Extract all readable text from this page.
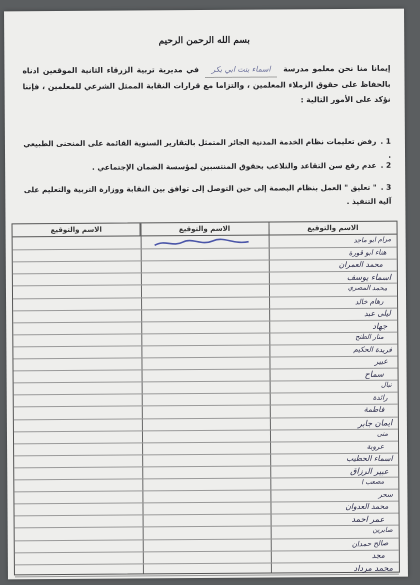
بسم الله الرحمن الرحيم
إيمانا منا نحن معلمو مدرسة اسماء بنت ابي بكر في مديرية تربية الزرقاء الثانية الموقعين ادناه بالحفاظ على حقوق الزملاء المعلمين ، والتزاما مع قرارات النقابة الممثل الشرعي للمعلمين ، فإننا نؤكد على الأمور التالية :
1 .رفض تعليمات نظام الخدمة المدنية الجائر المتمثل بالتقارير السنوية القائمة على المنحنى الطبيعي .
2 .عدم رفع سن التقاعد والتلاعب بحقوق المنتسبين لمؤسسة الضمان الإجتماعي .
3 ." تعليق " العمل بنظام البصمة إلى حين التوصل إلى توافق بين النقابة ووزارة التربية والتعليم على آلية التنفيذ .
الاسم والتوقيع
الاسم والتوقيع
الاسم والتوقيع
مرام ابو ماجد
هناء ابو قورة
محمد العمران
اسماء يوسف
محمد المصري
رهام خالد
ليلى عبد
جهاد
منار الطنح
فريدة الحكيم
عبير
سماح
نبال
رائدة
فاطمة
ايمان جابر
منى
عروبة
اسماء الحطيب
عبير الرزاق
مصعب ا
سحر
محمد العدوان
عمر احمد
صابرين
صالح حمدان
مجد
محمد مرداد
